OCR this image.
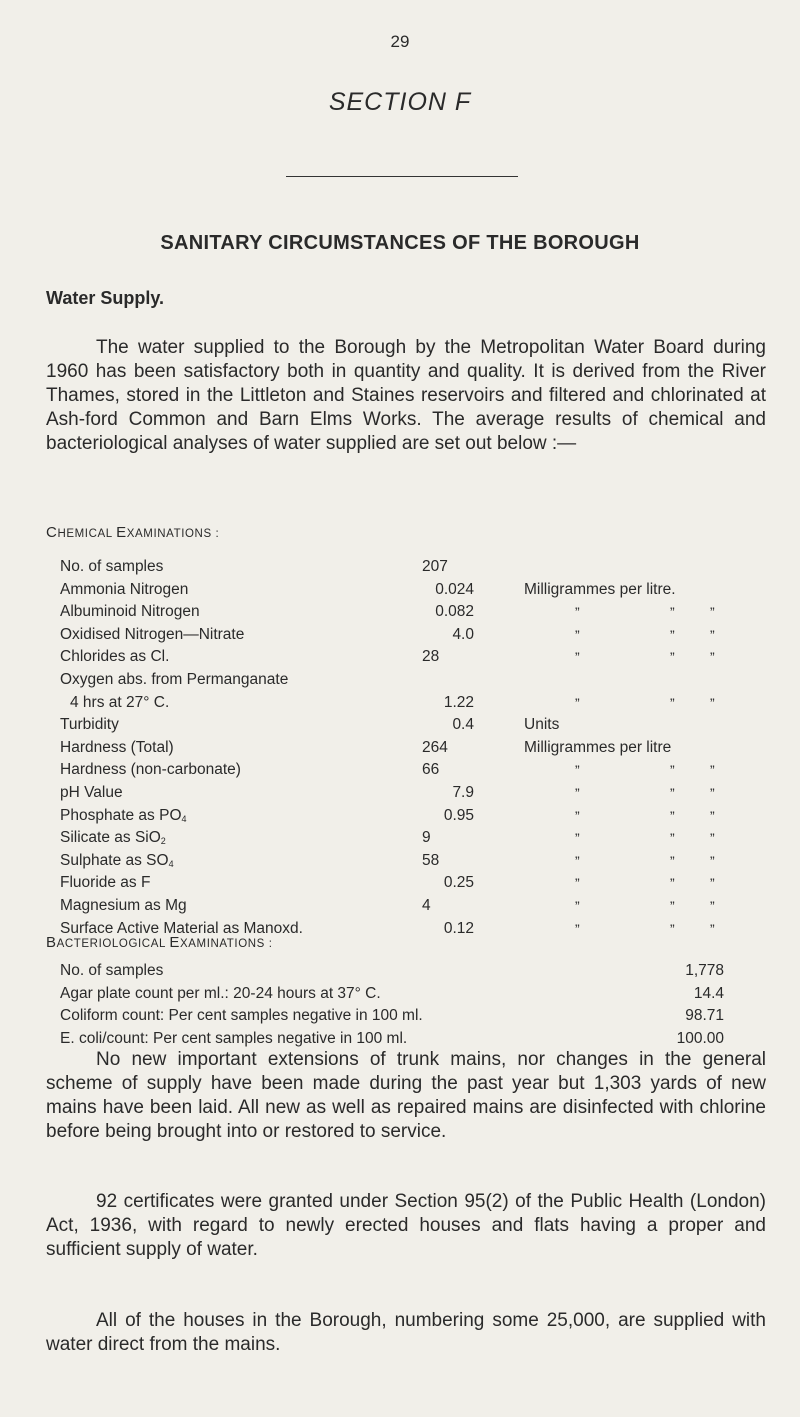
29
SECTION F
SANITARY CIRCUMSTANCES OF THE BOROUGH
Water Supply.
The water supplied to the Borough by the Metropolitan Water Board during 1960 has been satisfactory both in quantity and quality. It is derived from the River Thames, stored in the Littleton and Staines reservoirs and filtered and chlorinated at Ash-ford Common and Barn Elms Works. The average results of chemical and bacteriological analyses of water supplied are set out below :—
CHEMICAL EXAMINATIONS :
No. of samples	207
Ammonia Nitrogen	0.024	Milligrammes per litre.
Albuminoid Nitrogen	0.082	”	”	”
Oxidised Nitrogen—Nitrate	4.0	”	”	”
Chlorides as Cl.	28	”	”	”
Oxygen abs. from Permanganate
4 hrs at 27° C.	1.22	”	”	”
Turbidity	0.4	Units
Hardness (Total)	264	Milligrammes per litre
Hardness (non-carbonate)	66	”	”	”
pH Value	7.9	”	”	”
Phosphate as $PO_4$	0.95	”	”	”
Silicate as SiO$_2$	9	”	”	”
Sulphate as $SO_4$	58	”	”	”
Fluoride as F	0.25	”	”	”
Magnesium as Mg	4	”	”	”
Surface Active Material as Manoxd.	0.12	”	”	”
BACTERIOLOGICAL EXAMINATIONS :
No. of samples	1,778
Agar plate count per ml.: 20-24 hours at 37° C.	14.4
Coliform count: Per cent samples negative in 100 ml.	98.71
E. coli/count: Per cent samples negative in 100 ml.	100.00
No new important extensions of trunk mains, nor changes in the general scheme of supply have been made during the past year but 1,303 yards of new mains have been laid. All new as well as repaired mains are disinfected with chlorine before being brought into or restored to service.
92 certificates were granted under Section 95(2) of the Public Health (London) Act, 1936, with regard to newly erected houses and flats having a proper and sufficient supply of water.
All of the houses in the Borough, numbering some 25,000, are supplied with water direct from the mains.
